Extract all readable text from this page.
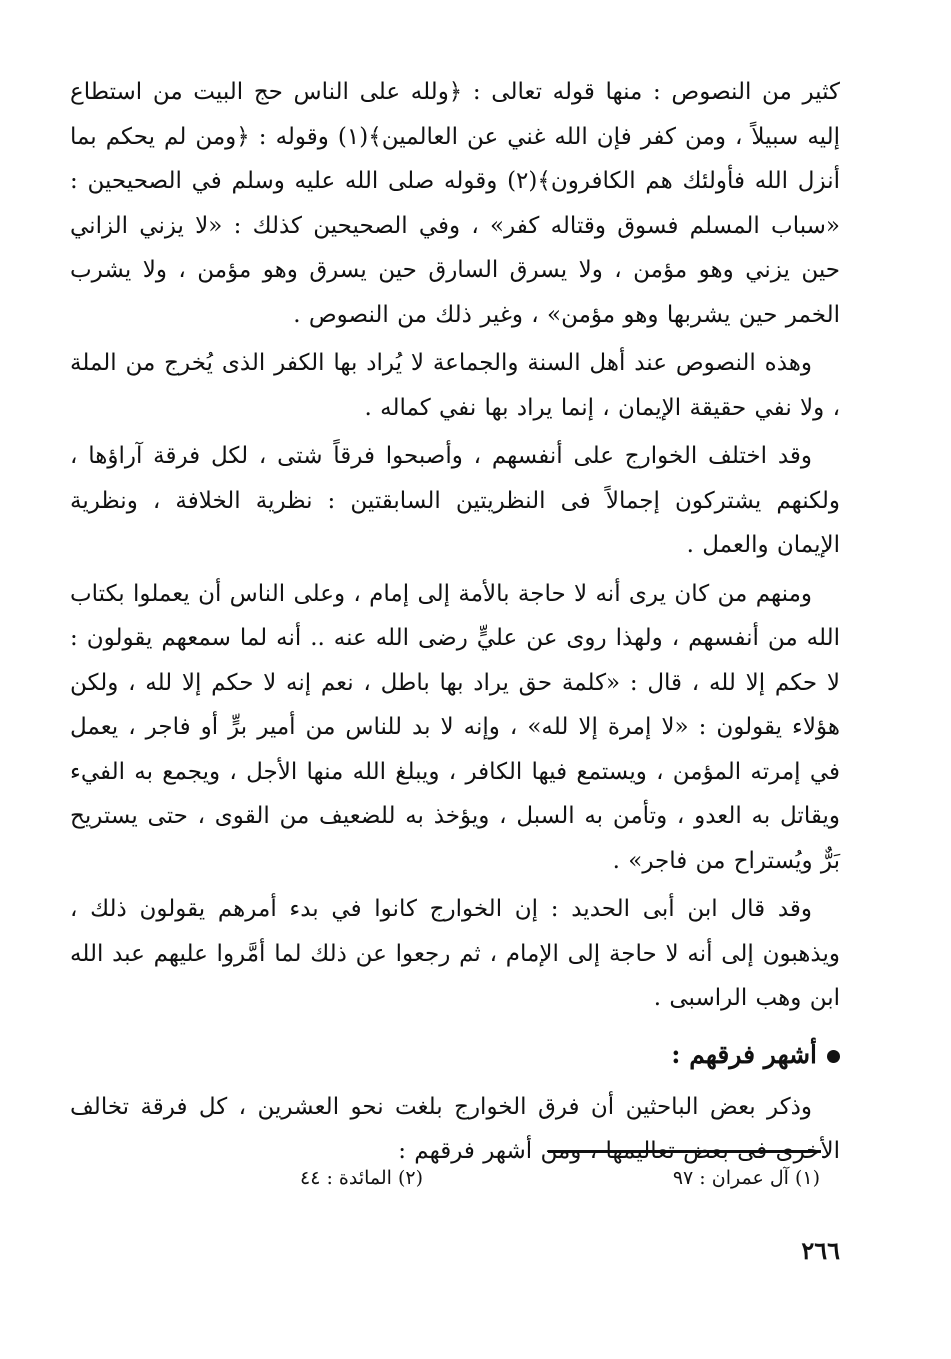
كثير من النصوص : منها قوله تعالى : ﴿ولله على الناس حج البيت من استطاع إليه سبيلاً ، ومن كفر فإن الله غني عن العالمين﴾(١) وقوله : ﴿ومن لم يحكم بما أنزل الله فأولئك هم الكافرون﴾(٢) وقوله صلى الله عليه وسلم في الصحيحين : «سباب المسلم فسوق وقتاله كفر» ، وفي الصحيحين كذلك : «لا يزني الزاني حين يزني وهو مؤمن ، ولا يسرق السارق حين يسرق وهو مؤمن ، ولا يشرب الخمر حين يشربها وهو مؤمن» ، وغير ذلك من النصوص .

وهذه النصوص عند أهل السنة والجماعة لا يُراد بها الكفر الذى يُخرج من الملة ، ولا نفي حقيقة الإيمان ، إنما يراد بها نفي كماله .

وقد اختلف الخوارج على أنفسهم ، وأصبحوا فرقاً شتى ، لكل فرقة آراؤها ، ولكنهم يشتركون إجمالاً فى النظريتين السابقتين : نظرية الخلافة ، ونظرية الإيمان والعمل .

ومنهم من كان يرى أنه لا حاجة بالأمة إلى إمام ، وعلى الناس أن يعملوا بكتاب الله من أنفسهم ، ولهذا روى عن عليٍّ رضى الله عنه .. أنه لما سمعهم يقولون : لا حكم إلا لله ، قال : «كلمة حق يراد بها باطل ، نعم إنه لا حكم إلا لله ، ولكن هؤلاء يقولون : «لا إمرة إلا لله» ، وإنه لا بد للناس من أمير برٍّ أو فاجر ، يعمل في إمرته المؤمن ، ويستمع فيها الكافر ، ويبلغ الله منها الأجل ، ويجمع به الفيء ويقاتل به العدو ، وتأمن به السبل ، ويؤخذ به للضعيف من القوى ، حتى يستريح بَرٌّ ويُستراح من فاجر» .

وقد قال ابن أبى الحديد : إن الخوارج كانوا في بدء أمرهم يقولون ذلك ، ويذهبون إلى أنه لا حاجة إلى الإمام ، ثم رجعوا عن ذلك لما أمَّروا عليهم عبد الله ابن وهب الراسبى .

أشهر فرقهم :

وذكر بعض الباحثين أن فرق الخوارج بلغت نحو العشرين ، كل فرقة تخالف الأخرى فى بعض تعاليمها ، ومن أشهر فرقهم :

(١) آل عمران : ٩٧
(٢) المائدة : ٤٤
٢٦٦
